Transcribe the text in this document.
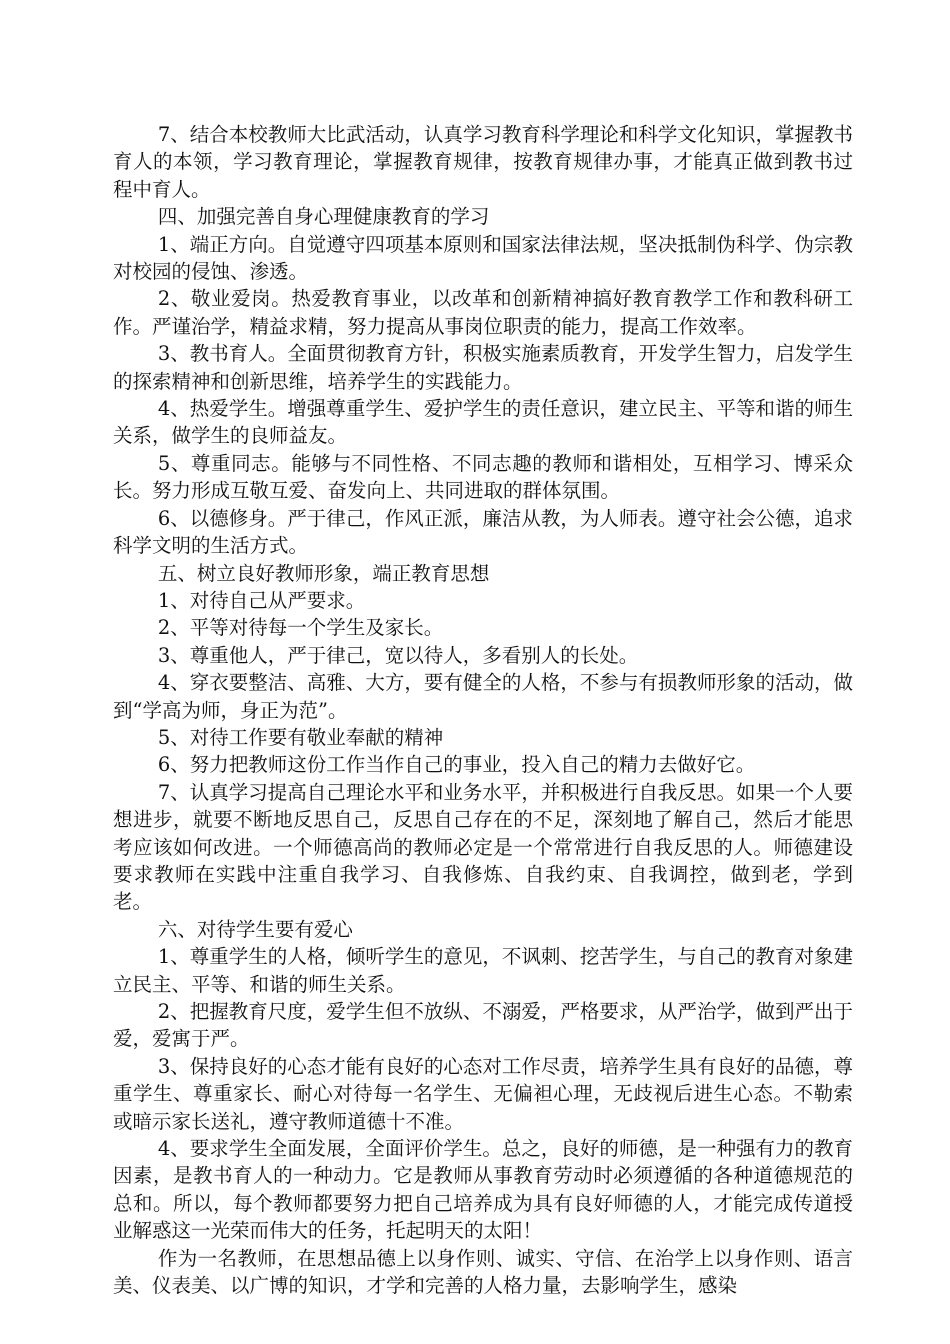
7、结合本校教师大比武活动，认真学习教育科学理论和科学文化知识，掌握教书育人的本领，学习教育理论，掌握教育规律，按教育规律办事，才能真正做到教书过程中育人。

四、加强完善自身心理健康教育的学习

1、端正方向。自觉遵守四项基本原则和国家法律法规，坚决抵制伪科学、伪宗教对校园的侵蚀、渗透。

2、敬业爱岗。热爱教育事业，以改革和创新精神搞好教育教学工作和教科研工作。严谨治学，精益求精，努力提高从事岗位职责的能力，提高工作效率。

3、教书育人。全面贯彻教育方针，积极实施素质教育，开发学生智力，启发学生的探索精神和创新思维，培养学生的实践能力。

4、热爱学生。增强尊重学生、爱护学生的责任意识，建立民主、平等和谐的师生关系，做学生的良师益友。

5、尊重同志。能够与不同性格、不同志趣的教师和谐相处，互相学习、博采众长。努力形成互敬互爱、奋发向上、共同进取的群体氛围。

6、以德修身。严于律己，作风正派，廉洁从教，为人师表。遵守社会公德，追求科学文明的生活方式。

五、树立良好教师形象，端正教育思想

1、对待自己从严要求。

2、平等对待每一个学生及家长。

3、尊重他人，严于律己，宽以待人，多看别人的长处。

4、穿衣要整洁、高雅、大方，要有健全的人格，不参与有损教师形象的活动，做到“学高为师，身正为范”。

5、对待工作要有敬业奉献的精神

6、努力把教师这份工作当作自己的事业，投入自己的精力去做好它。

7、认真学习提高自己理论水平和业务水平，并积极进行自我反思。如果一个人要想进步，就要不断地反思自己，反思自己存在的不足，深刻地了解自己，然后才能思考应该如何改进。一个师德高尚的教师必定是一个常常进行自我反思的人。师德建设要求教师在实践中注重自我学习、自我修炼、自我约束、自我调控，做到老，学到老。

六、对待学生要有爱心

1、尊重学生的人格，倾听学生的意见，不讽刺、挖苦学生，与自己的教育对象建立民主、平等、和谐的师生关系。

2、把握教育尺度，爱学生但不放纵、不溺爱，严格要求，从严治学，做到严出于爱，爱寓于严。

3、保持良好的心态才能有良好的心态对工作尽责，培养学生具有良好的品德，尊重学生、尊重家长、耐心对待每一名学生、无偏袒心理，无歧视后进生心态。不勒索或暗示家长送礼，遵守教师道德十不准。

4、要求学生全面发展，全面评价学生。总之，良好的师德，是一种强有力的教育因素，是教书育人的一种动力。它是教师从事教育劳动时必须遵循的各种道德规范的总和。所以，每个教师都要努力把自己培养成为具有良好师德的人，才能完成传道授业解惑这一光荣而伟大的任务，托起明天的太阳！

作为一名教师，在思想品德上以身作则、诚实、守信、在治学上以身作则、语言美、仪表美、以广博的知识，才学和完善的人格力量，去影响学生，感染
